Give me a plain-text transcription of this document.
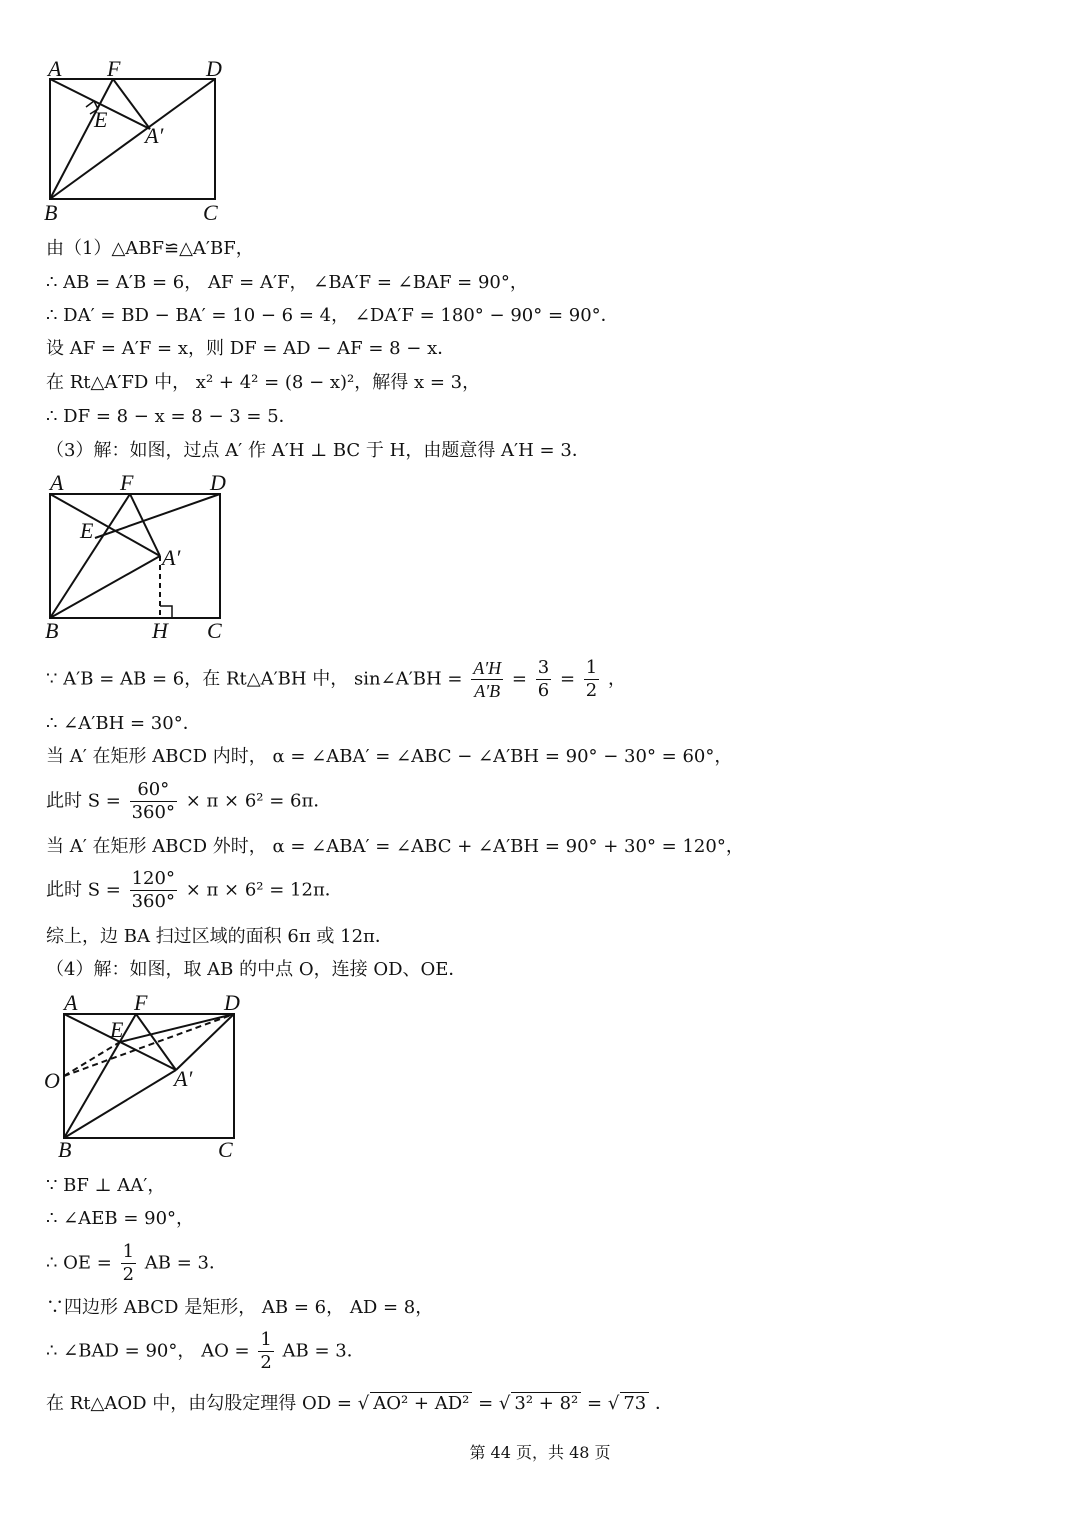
A F	D
E
A′
B	C
由（1）△ABF≌△A′BF，
∴ AB = A′B = 6， AF = A′F， ∠BA′F = ∠BAF = 90°，
∴ DA′ = BD − BA′ = 10 − 6 = 4， ∠DA′F = 180° − 90° = 90°．
设 AF = A′F = x，则 DF = AD − AF = 8 − x．
在 Rt△A′FD 中， x² + 4² = (8 − x)²，解得 x = 3，
∴ DF = 8 − x = 8 − 3 = 5．
（3）解：如图，过点 A′ 作 A′H ⊥ BC 于 H，由题意得 A′H = 3．
A	F	D
E
A′
B	H C
∵ A′B = AB = 6，在 Rt△A′BH 中， sin∠A′BH = $\frac{A'H}{A'B} = \frac{3}{6} = \frac{1}{2}$ ，
∴ ∠A′BH = 30°．
当 A′ 在矩形 ABCD 内时， α = ∠ABA′ = ∠ABC − ∠A′BH = 90° − 30° = 60°，
此时 $S = \frac{60^\circ}{360^\circ} \times \pi \times 6^2 = 6\pi$．
当 A′ 在矩形 ABCD 外时， α = ∠ABA′ = ∠ABC + ∠A′BH = 90° + 30° = 120°，
此时 $S = \frac{120^\circ}{360^\circ} \times \pi \times 6^2 = 12\pi$．
综上，边 BA 扫过区域的面积 6π 或 12π．
（4）解：如图，取 AB 的中点 O，连接 OD、OE．
A	F	D
E
O	A′
B	C
∵ BF ⊥ AA′，
∴ ∠AEB = 90°，
∴ OE = $\frac{1}{2}$ AB = 3．
∵四边形 ABCD 是矩形， AB = 6， AD = 8，
∴ ∠BAD = 90°， AO = $\frac{1}{2}$ AB = 3．
在 Rt△AOD 中，由勾股定理得 OD = √ AO² + AD² = √ 3² + 8² = √ 73 ．
第 44 页，共 48 页
